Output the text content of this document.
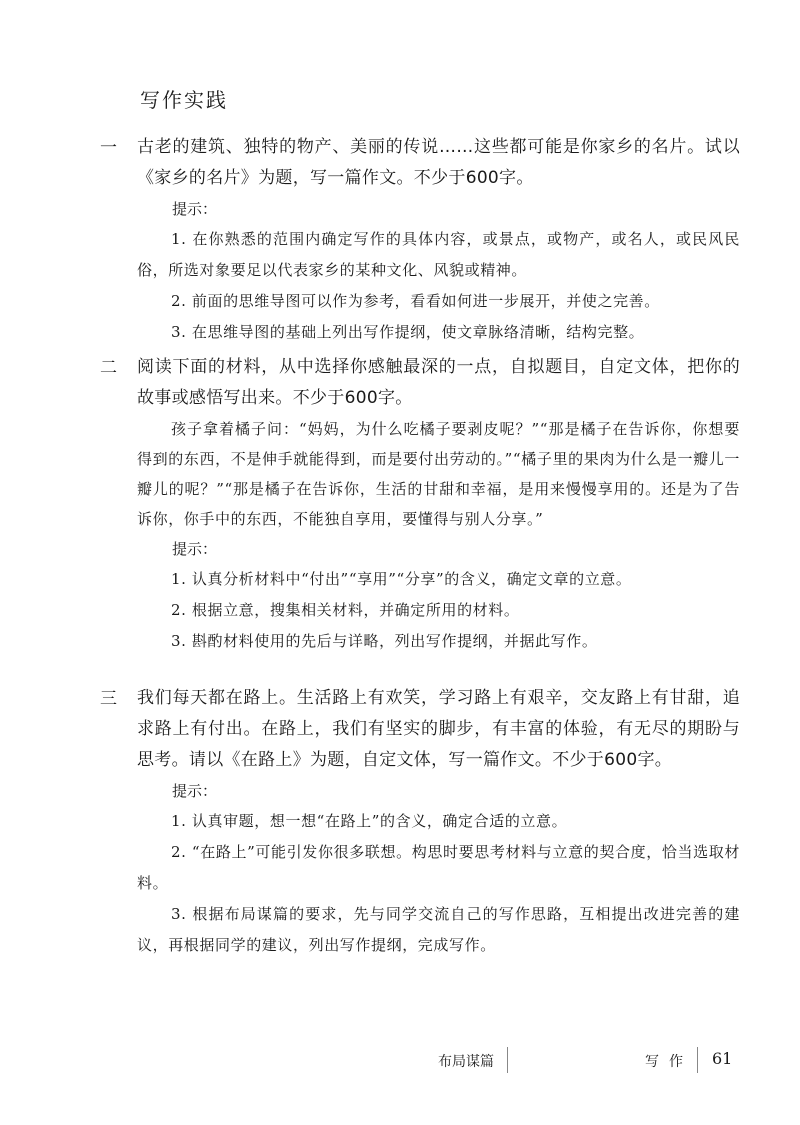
写作实践
一	古老的建筑、独特的物产、美丽的传说……这些都可能是你家乡的名片。试以《家乡的名片》为题，写一篇作文。不少于600字。

提示：

1. 在你熟悉的范围内确定写作的具体内容，或景点，或物产，或名人，或民风民俗，所选对象要足以代表家乡的某种文化、风貌或精神。

2. 前面的思维导图可以作为参考，看看如何进一步展开，并使之完善。

3. 在思维导图的基础上列出写作提纲，使文章脉络清晰，结构完整。

二	阅读下面的材料，从中选择你感触最深的一点，自拟题目，自定文体，把你的故事或感悟写出来。不少于600字。

孩子拿着橘子问：“妈妈，为什么吃橘子要剥皮呢？”“那是橘子在告诉你，你想要得到的东西，不是伸手就能得到，而是要付出劳动的。”“橘子里的果肉为什么是一瓣儿一瓣儿的呢？”“那是橘子在告诉你，生活的甘甜和幸福，是用来慢慢享用的。还是为了告诉你，你手中的东西，不能独自享用，要懂得与别人分享。”

提示：

1. 认真分析材料中“付出”“享用”“分享”的含义，确定文章的立意。

2. 根据立意，搜集相关材料，并确定所用的材料。

3. 斟酌材料使用的先后与详略，列出写作提纲，并据此写作。

三	我们每天都在路上。生活路上有欢笑，学习路上有艰辛，交友路上有甘甜，追求路上有付出。在路上，我们有坚实的脚步，有丰富的体验，有无尽的期盼与思考。请以《在路上》为题，自定文体，写一篇作文。不少于600字。

提示：

1. 认真审题，想一想“在路上”的含义，确定合适的立意。

2. “在路上”可能引发你很多联想。构思时要思考材料与立意的契合度，恰当选取材料。

3. 根据布局谋篇的要求，先与同学交流自己的写作思路，互相提出改进完善的建议，再根据同学的建议，列出写作提纲，完成写作。

布局谋篇	写作 61
